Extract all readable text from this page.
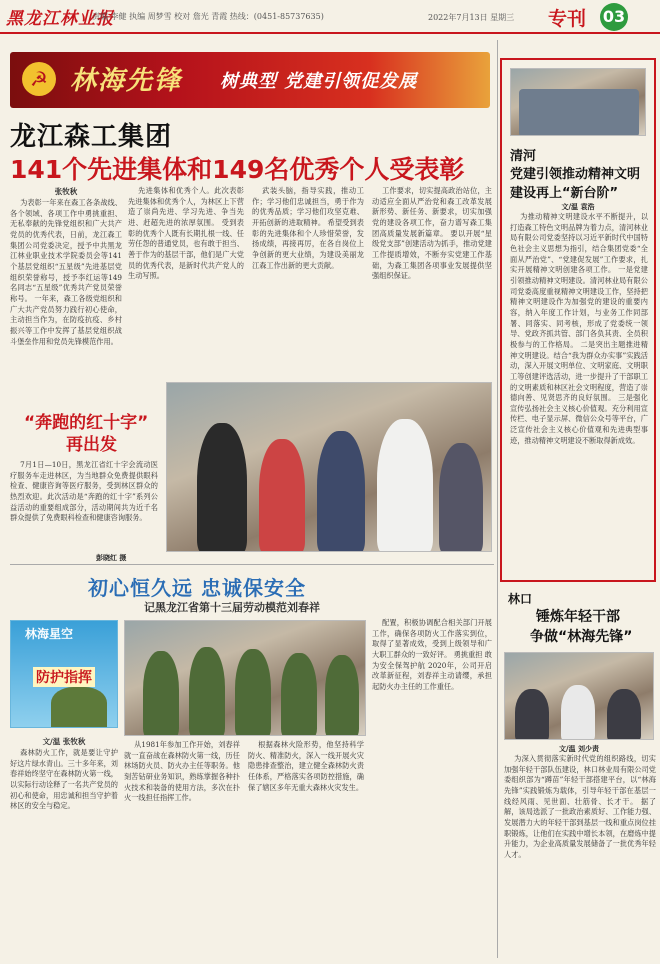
黑龙江林业报
责编 李健 执编 周梦雪 校对 詹光 青霞 热线：(0451-85737635)	2022年7月13日 星期三 专刊 03
☭ 林海先锋 树典型 党建引领促发展
龙江森工集团
141个先进集体和149名优秀个人受表彰
张牧秋

为表彰一年来在森工各条战线、各个领域、各项工作中勇挑重担、无私奉献的先锋党组织和广大共产党员的优秀代表，日前，龙江森工集团公司党委决定，授予中共黑龙江林业职业技术学院委员会等141个基层党组织“五星级”先进基层党组织荣誉称号，授予李红运等149名同志“五星级”优秀共产党员荣誉称号。 一年来，森工各级党组织和广大共产党员努力践行初心使命，主动担当作为，在防疫抗疫、乡村振兴等工作中发挥了基层党组织战斗堡垒作用和党员先锋模范作用。

先进集体和优秀个人。此次表彰先进集体和优秀个人，为林区上下营造了崇尚先进、学习先进、争当先进、赶超先进的浓厚氛围。 受到表彰的优秀个人既有长期扎根一线、任劳任怨的普通党员，也有敢于担当、善于作为的基层干部，他们是广大党员的优秀代表，是新时代共产党人的生动写照。

武装头脑，指导实践，推动工作；学习他们忠诚担当，勇于作为的优秀品质；学习他们攻坚克难、开拓创新的进取精神。 希望受到表彰的先进集体和个人珍惜荣誉，发扬成绩，再接再厉，在各自岗位上争创新的更大业绩，为建设美丽龙江森工作出新的更大贡献。

工作要求，切实提高政治站位，主动适应全面从严治党和森工改革发展新形势、新任务、新要求，切实加强党的建设各项工作，奋力谱写森工集团高质量发展新篇章。 要以开展“星级党支部”创建活动为抓手，推动党建工作提质增效，不断夯实党建工作基础，为森工集团各项事业发展提供坚强组织保证。

“奔跑的红十字”
再出发

7月1日—10日，黑龙江省红十字会流动医疗服务车走进林区，为当地群众免费提供眼科检查、健康咨询等医疗服务，受到林区群众的热烈欢迎。此次活动是“奔跑的红十字”系列公益活动的重要组成部分，活动期间共为近千名群众提供了免费眼科检查和健康咨询服务。

彭晓红 摄
初心恒久远 忠诚保安全
记黑龙江省第十三届劳动模范刘春祥
林海星空
防护指挥
文/温 张牧秋

森林防火工作，就是要让守护好这片绿水青山。三十多年来，刘春祥始终坚守在森林防火第一线，以实际行动诠释了一名共产党员的初心和使命，用忠诚和担当守护着林区的安全与稳定。

从1981年参加工作开始，刘春祥就一直奋战在森林防火第一线，历任林场防火员、防火办主任等职务。他刻苦钻研业务知识，熟练掌握各种扑火技术和装备的使用方法，多次在扑火一线担任指挥工作。

根据森林火险形势，他坚持科学防火、精准防火，深入一线开展火灾隐患排查整治，建立健全森林防火责任体系，严格落实各项防控措施，确保了辖区多年无重大森林火灾发生。

配置，积极协调配合相关部门开展工作，确保各项防火工作落实到位，取得了显著成效，受到上级领导和广大职工群众的一致好评。 勇挑重担 敢为安全保驾护航 2020年，公司开启改革新征程，刘春祥主动请缨，承担起防火办主任的工作重任。

清河
党建引领推动精神文明
建设再上“新台阶”
文/温 袁浩

为推动精神文明建设水平不断提升，以打造森工特色文明品牌为着力点，清河林业局有限公司党委坚持以习近平新时代中国特色社会主义思想为指引，结合集团党委“全面从严治党”、“党建促发展”工作要求，扎实开展精神文明创建各项工作。 一是党建引领推动精神文明建设。清河林业局有限公司党委高度重视精神文明建设工作，坚持把精神文明建设作为加强党的建设的重要内容，纳入年度工作计划，与业务工作同部署、同落实、同考核，形成了党委统一领导、党政齐抓共管、部门各负其责、全员积极参与的工作格局。 二是突出主题推进精神文明建设。结合“我为群众办实事”实践活动，深入开展文明单位、文明家庭、文明职工等创建评选活动，进一步提升了干部职工的文明素质和林区社会文明程度，营造了崇德向善、见贤思齐的良好氛围。 三是强化宣传弘扬社会主义核心价值观。充分利用宣传栏、电子显示屏、微信公众号等平台，广泛宣传社会主义核心价值观和先进典型事迹，推动精神文明建设不断取得新成效。

林口
锤炼年轻干部
争做“林海先锋”
文/温 刘少责

为深入贯彻落实新时代党的组织路线，切实加强年轻干部队伍建设，林口林业局有限公司党委组织部为“蹲苗”年轻干部搭建平台，以“林海先锋”实践锻炼为载体，引导年轻干部在基层一线经风雨、见世面、壮筋骨、长才干。 据了解，该局选派了一批政治素质好、工作能力强、发展潜力大的年轻干部到基层一线和重点岗位挂职锻炼，让他们在实践中增长本领，在磨炼中提升能力，为企业高质量发展储备了一批优秀年轻人才。
